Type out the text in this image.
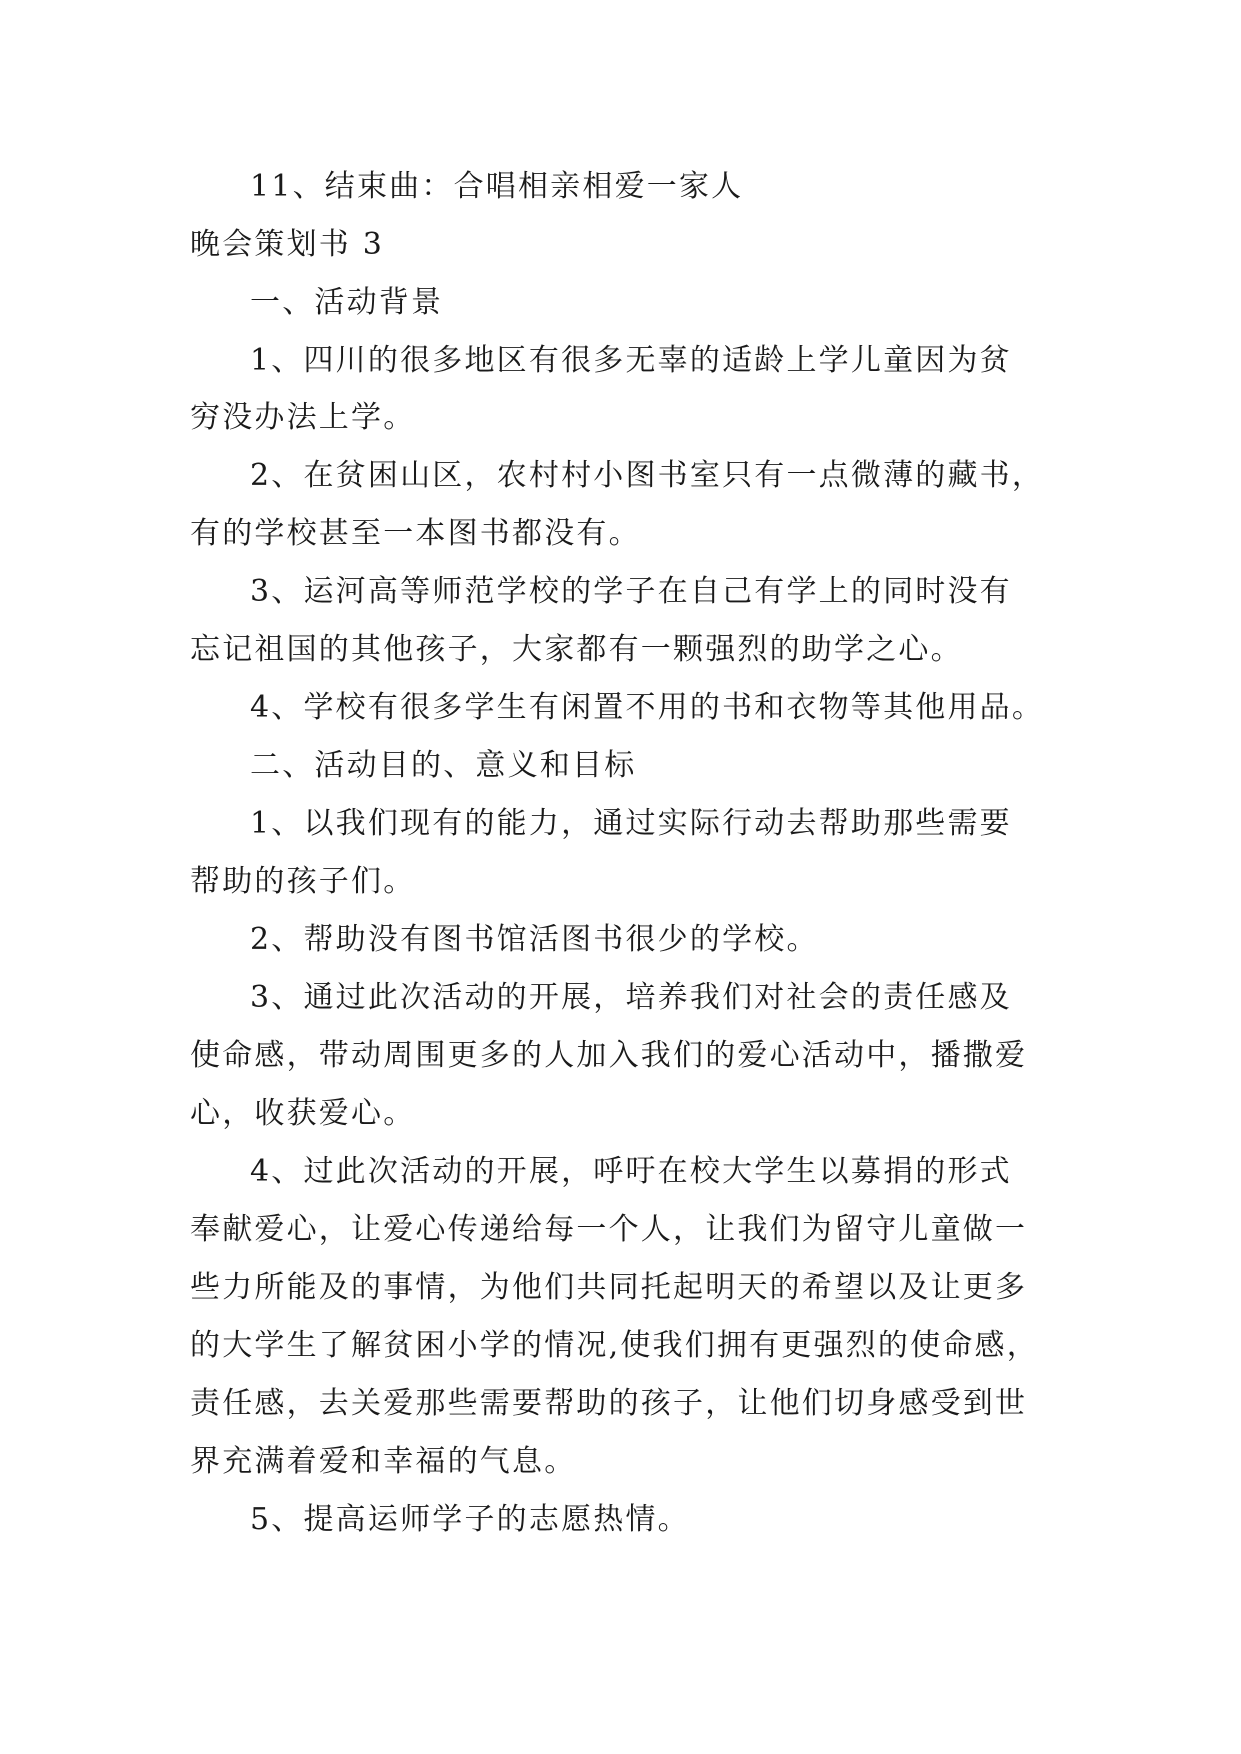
11、结束曲：合唱相亲相爱一家人
晚会策划书 3
一、活动背景
1、四川的很多地区有很多无辜的适龄上学儿童因为贫
穷没办法上学。
2、在贫困山区，农村村小图书室只有一点微薄的藏书，
有的学校甚至一本图书都没有。
3、运河高等师范学校的学子在自己有学上的同时没有
忘记祖国的其他孩子，大家都有一颗强烈的助学之心。
4、学校有很多学生有闲置不用的书和衣物等其他用品。
二、活动目的、意义和目标
1、以我们现有的能力，通过实际行动去帮助那些需要
帮助的孩子们。
2、帮助没有图书馆活图书很少的学校。
3、通过此次活动的开展，培养我们对社会的责任感及
使命感，带动周围更多的人加入我们的爱心活动中，播撒爱
心，收获爱心。
4、过此次活动的开展，呼吁在校大学生以募捐的形式
奉献爱心，让爱心传递给每一个人，让我们为留守儿童做一
些力所能及的事情，为他们共同托起明天的希望以及让更多
的大学生了解贫困小学的情况,使我们拥有更强烈的使命感，
责任感，去关爱那些需要帮助的孩子，让他们切身感受到世
界充满着爱和幸福的气息。
5、提高运师学子的志愿热情。
